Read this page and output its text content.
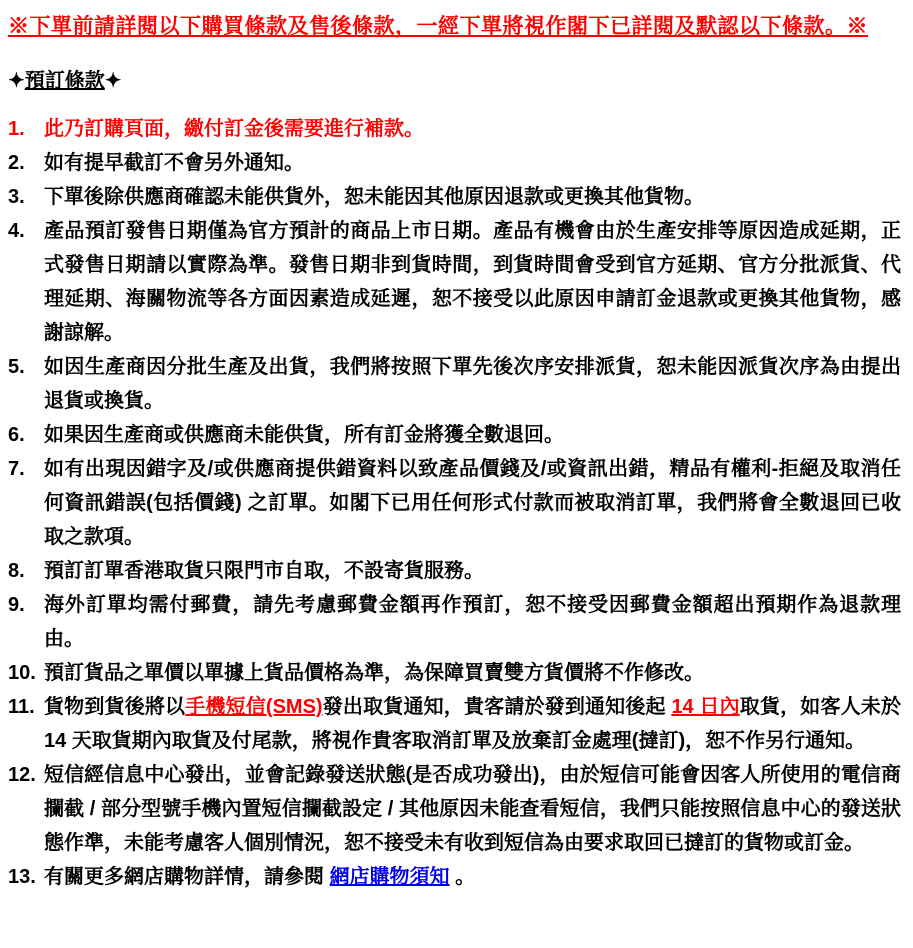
※下單前請詳閱以下購買條款及售後條款，一經下單將視作閣下已詳閱及默認以下條款。※
✦預訂條款✦
1. 此乃訂購頁面，繳付訂金後需要進行補款。
2. 如有提早截訂不會另外通知。
3. 下單後除供應商確認未能供貨外，恕未能因其他原因退款或更換其他貨物。
4. 產品預訂發售日期僅為官方預計的商品上市日期。產品有機會由於生產安排等原因造成延期，正式發售日期請以實際為準。發售日期非到貨時間，到貨時間會受到官方延期、官方分批派貨、代理延期、海關物流等各方面因素造成延遲，恕不接受以此原因申請訂金退款或更換其他貨物，感謝諒解。
5. 如因生產商因分批生產及出貨，我們將按照下單先後次序安排派貨，恕未能因派貨次序為由提出退貨或換貨。
6. 如果因生產商或供應商未能供貨，所有訂金將獲全數退回。
7. 如有出現因錯字及/或供應商提供錯資料以致產品價錢及/或資訊出錯，精品有權利-拒絕及取消任何資訊錯誤(包括價錢) 之訂單。如閣下已用任何形式付款而被取消訂單，我們將會全數退回已收取之款項。
8. 預訂訂單香港取貨只限門市自取，不設寄貨服務。
9. 海外訂單均需付郵費，請先考慮郵費金額再作預訂，恕不接受因郵費金額超出預期作為退款理由。
10. 預訂貨品之單價以單據上貨品價格為準，為保障買賣雙方貨價將不作修改。
11. 貨物到貨後將以手機短信(SMS)發出取貨通知，貴客請於發到通知後起 14 日內取貨，如客人未於 14 天取貨期內取貨及付尾款，將視作貴客取消訂單及放棄訂金處理(撻訂)，恕不作另行通知。
12. 短信經信息中心發出，並會記錄發送狀態(是否成功發出)，由於短信可能會因客人所使用的電信商攔截 / 部分型號手機內置短信攔截設定 / 其他原因未能查看短信，我們只能按照信息中心的發送狀態作準，未能考慮客人個別情況，恕不接受未有收到短信為由要求取回已撻訂的貨物或訂金。
13. 有關更多網店購物詳情，請參閱 網店購物須知 。
